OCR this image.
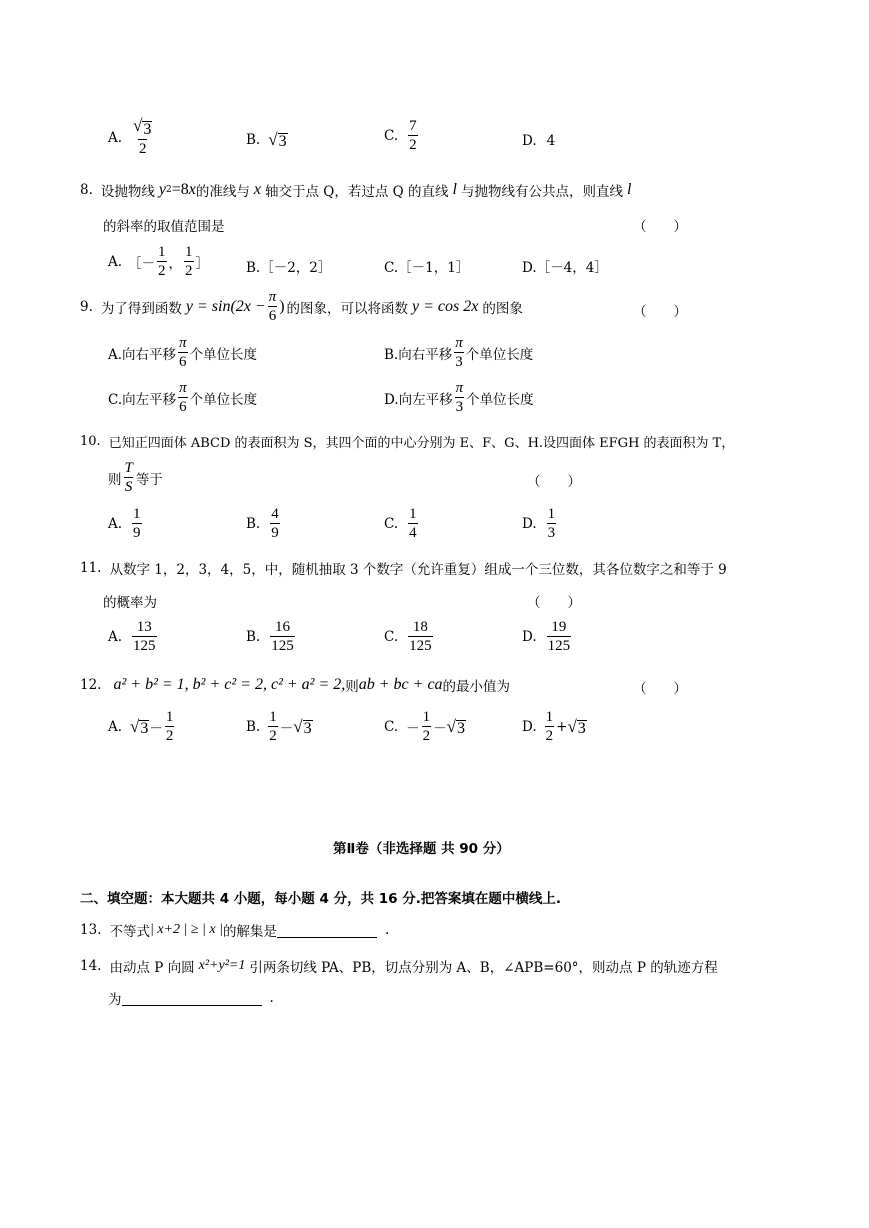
A. $\frac{√ 3}{2}$	B. √ 3	C. $\frac{7}{2}$	D. 4
8. 设抛物线 y 2 =8 x 的准线与 x 轴交于点 Q，若过点 Q 的直线 l 与抛物线有公共点，则直线 l
的斜率的取值范围是	（　　）
A. ［－ $\frac{1}{2}$ ， $\frac{1}{2}$ ］	B.［－2，2］	C.［－1，1］	D.［－4，4］
9. 为了得到函数 $y = \sin(2x - \frac{\pi}{6}$ ) 的图象，可以将函数 y = cos 2x 的图象	（　　）
A.向右平移 $\frac{\pi}{6}$ 个单位长度	B.向右平移 $\frac{\pi}{3}$ 个单位长度
C.向左平移 $\frac{\pi}{6}$ 个单位长度	D.向左平移 $\frac{\pi}{3}$ 个单位长度
10. 已知正四面体 ABCD 的表面积为 S，其四个面的中心分别为 E、F、G、H.设四面体 EFGH 的表面积为 T，
则 $\frac{T}{S}$ 等于	（　　）
A. $\frac{1}{9}$	B. $\frac{4}{9}$	C. $\frac{1}{4}$	D. $\frac{1}{3}$
11. 从数字 1，2，3，4，5，中，随机抽取 3 个数字（允许重复）组成一个三位数，其各位数字之和等于 9
的概率为	（　　）
A. $\frac{13}{125}$	B. $\frac{16}{125}$	C. $\frac{18}{125}$	D. $\frac{19}{125}$
12. a² + b² = 1, b² + c² = 2, c² + a² = 2, 则 ab + bc + ca 的最小值为	（　　）
A. √ $3 - \frac{1}{2}$	B. $\frac{1}{2}$ － √ 3	C. － $\frac{1}{2}$ － √ 3	D. $\frac{1}{2}$ + √ 3
第Ⅱ卷（非选择题 共 90 分）
二、填空题：本大题共 4 小题，每小题 4 分，共 16 分.把答案填在题中横线上.
13. 不等式 | x+2 | ≥ | x | 的解集是	.
14. 由动点 P 向圆 x²+y²=1 引两条切线 PA、PB，切点分别为 A、B，∠APB=60°，则动点 P 的轨迹方程
为	.
